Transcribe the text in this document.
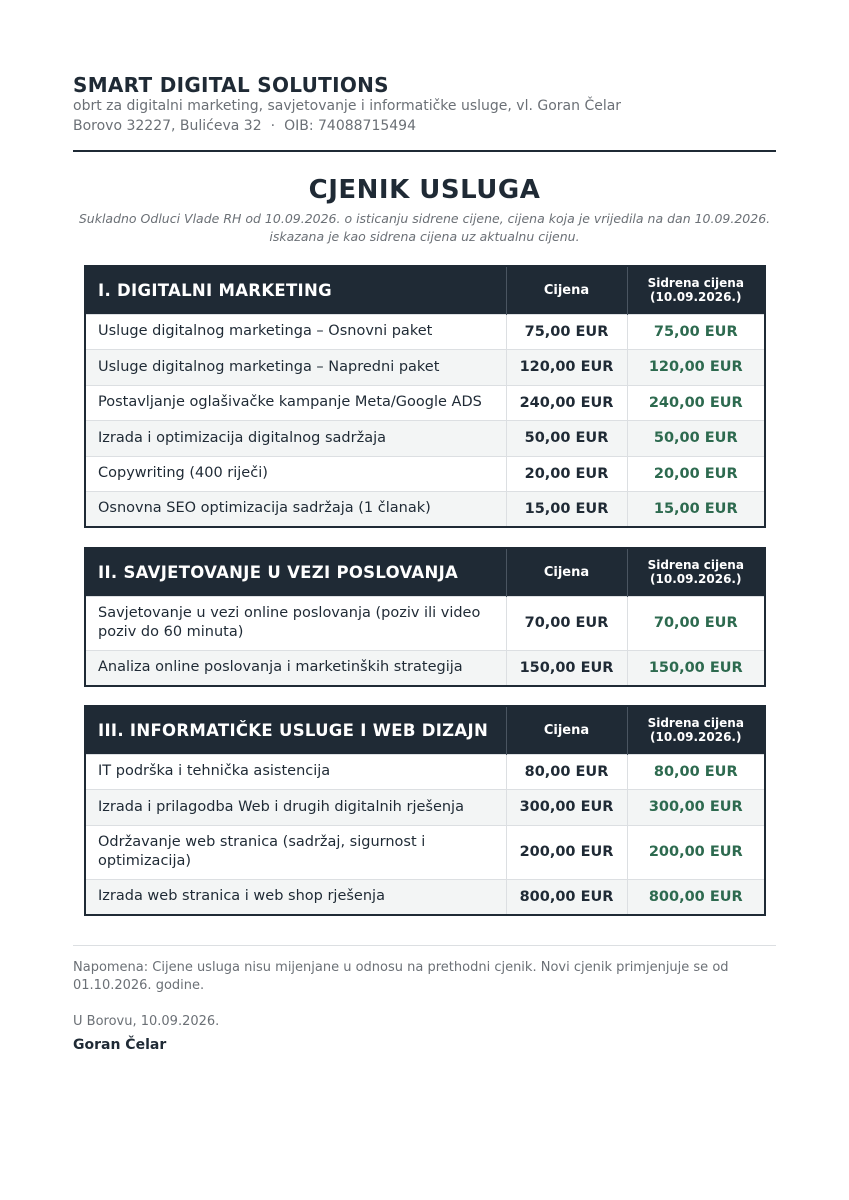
SMART DIGITAL SOLUTIONS
obrt za digitalni marketing, savjetovanje i informatičke usluge, vl. Goran Čelar
Borovo 32227, Bulićeva 32 · OIB: 74088715494
CJENIK USLUGA
Sukladno Odluci Vlade RH od 10.09.2026. o isticanju sidrene cijene, cijena koja je vrijedila na dan 10.09.2026.
iskazana je kao sidrena cijena uz aktualnu cijenu.
I. DIGITALNI MARKETING	Cijena	Sidrena cijena
(10.09.2026.)

Usluge digitalnog marketinga – Osnovni paket	75,00 EUR	75,00 EUR
Usluge digitalnog marketinga – Napredni paket	120,00 EUR	120,00 EUR
Postavljanje oglašivačke kampanje Meta/Google ADS	240,00 EUR	240,00 EUR
Izrada i optimizacija digitalnog sadržaja	50,00 EUR	50,00 EUR
Copywriting (400 riječi)	20,00 EUR	20,00 EUR
Osnovna SEO optimizacija sadržaja (1 članak)	15,00 EUR	15,00 EUR
II. SAVJETOVANJE U VEZI POSLOVANJA	Cijena	Sidrena cijena
(10.09.2026.)

Savjetovanje u vezi online poslovanja (poziv ili video poziv do 60 minuta)	70,00 EUR	70,00 EUR
Analiza online poslovanja i marketinških strategija	150,00 EUR	150,00 EUR
III. INFORMATIČKE USLUGE I WEB DIZAJN	Cijena	Sidrena cijena
(10.09.2026.)

IT podrška i tehnička asistencija	80,00 EUR	80,00 EUR
Izrada i prilagodba Web i drugih digitalnih rješenja	300,00 EUR	300,00 EUR
Održavanje web stranica (sadržaj, sigurnost i optimizacija)	200,00 EUR	200,00 EUR
Izrada web stranica i web shop rješenja	800,00 EUR	800,00 EUR
Napomena: Cijene usluga nisu mijenjane u odnosu na prethodni cjenik. Novi cjenik primjenjuje se od 01.10.2026. godine.
U Borovu, 10.09.2026.
Goran Čelar
